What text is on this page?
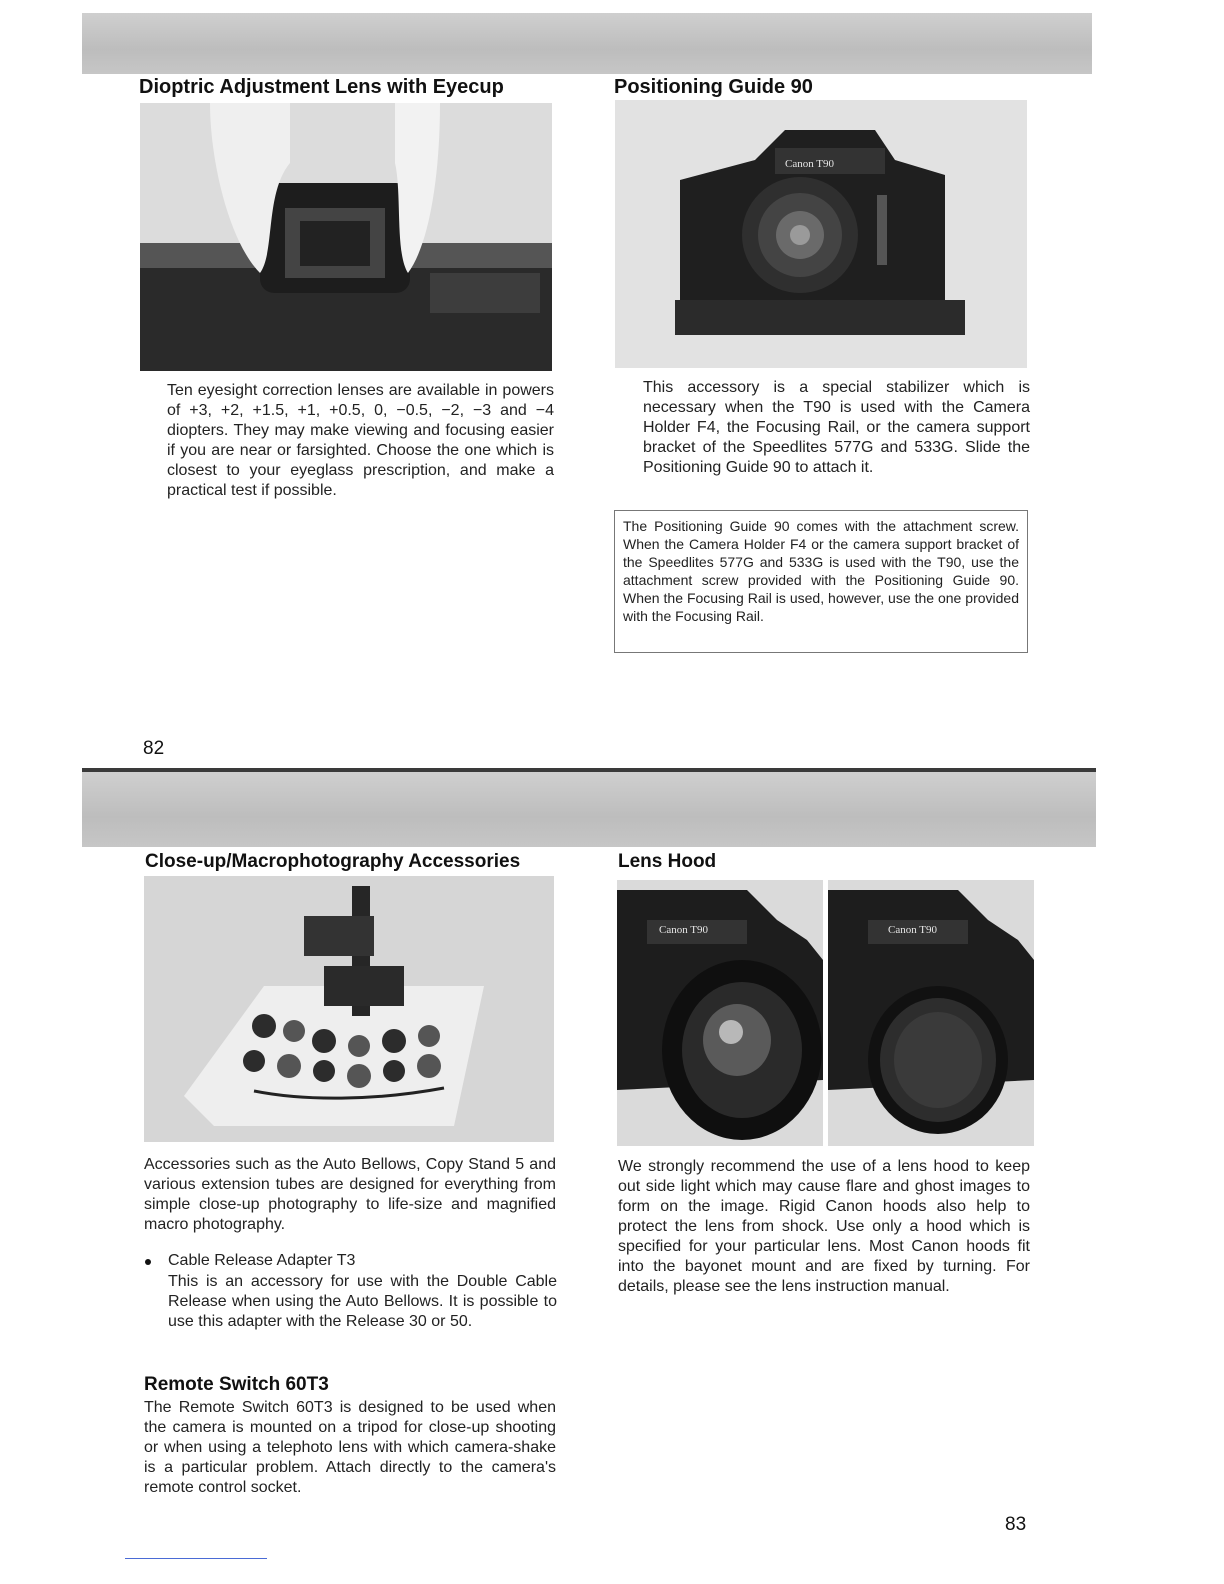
Dioptric Adjustment Lens with Eyecup

Ten eyesight correction lenses are available in powers of +3, +2, +1.5, +1, +0.5, 0, −0.5, −2, −3 and −4 diopters. They may make viewing and focusing easier if you are near or farsighted. Choose the one which is closest to your eyeglass prescription, and make a practical test if possible.

Positioning Guide 90
Canon T90

This accessory is a special stabilizer which is necessary when the T90 is used with the Camera Holder F4, the Focusing Rail, or the camera support bracket of the Speedlites 577G and 533G. Slide the Positioning Guide 90 to attach it.

The Positioning Guide 90 comes with the attachment screw. When the Camera Holder F4 or the camera support bracket of the Speedlites 577G and 533G is used with the T90, use the attachment screw provided with the Positioning Guide 90. When the Focusing Rail is used, however, use the one provided with the Focusing Rail.

82

Close-up/Macrophotography Accessories

Accessories such as the Auto Bellows, Copy Stand 5 and various extension tubes are designed for everything from simple close-up photography to life-size and magnified macro photography.

Cable Release Adapter T3

This is an accessory for use with the Double Cable Release when using the Auto Bellows. It is possible to use this adapter with the Release 30 or 50.

Remote Switch 60T3

The Remote Switch 60T3 is designed to be used when the camera is mounted on a tripod for close-up shooting or when using a telephoto lens with which camera-shake is a particular problem. Attach directly to the camera's remote control socket.

Lens Hood
Canon T90	Canon T90

We strongly recommend the use of a lens hood to keep out side light which may cause flare and ghost images to form on the image. Rigid Canon hoods also help to protect the lens from shock. Use only a hood which is specified for your particular lens. Most Canon hoods fit into the bayonet mount and are fixed by turning. For details, please see the lens instruction manual.

83
